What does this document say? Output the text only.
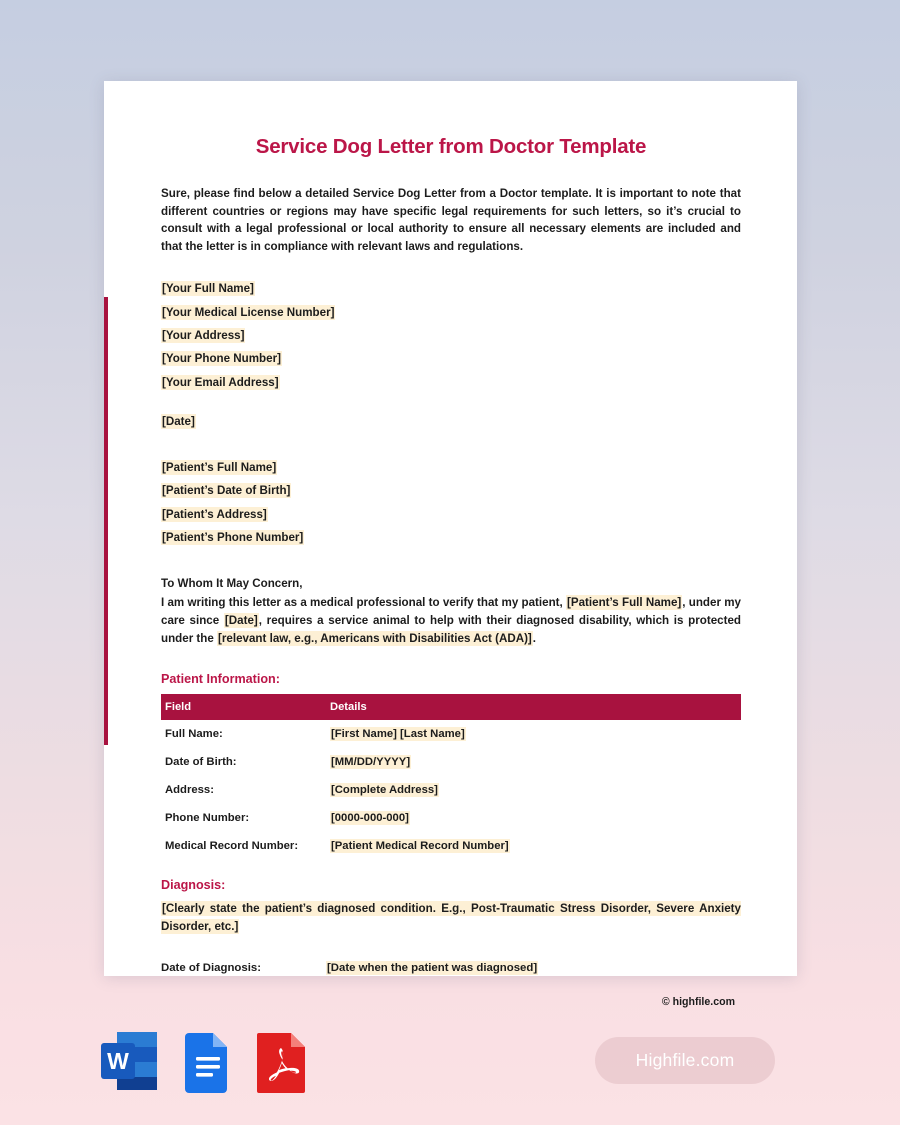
Service Dog Letter from Doctor Template
Sure, please find below a detailed Service Dog Letter from a Doctor template. It is important to note that different countries or regions may have specific legal requirements for such letters, so it’s crucial to consult with a legal professional or local authority to ensure all necessary elements are included and that the letter is in compliance with relevant laws and regulations.
[Your Full Name]
[Your Medical License Number]
[Your Address]
[Your Phone Number]
[Your Email Address]
[Date]
[Patient’s Full Name]
[Patient’s Date of Birth]
[Patient’s Address]
[Patient’s Phone Number]
To Whom It May Concern,
I am writing this letter as a medical professional to verify that my patient, [Patient’s Full Name], under my care since [Date], requires a service animal to help with their diagnosed disability, which is protected under the [relevant law, e.g., Americans with Disabilities Act (ADA)].
Patient Information:
Field	Details
Full Name:	[First Name] [Last Name]
Date of Birth:	[MM/DD/YYYY]
Address:	[Complete Address]
Phone Number:	[0000-000-000]
Medical Record Number:	[Patient Medical Record Number]
Diagnosis:
[Clearly state the patient’s diagnosed condition. E.g., Post-Traumatic Stress Disorder, Severe Anxiety Disorder, etc.]
Date of Diagnosis:	[Date when the patient was diagnosed]
© highfile.com
W	Highfile.com
